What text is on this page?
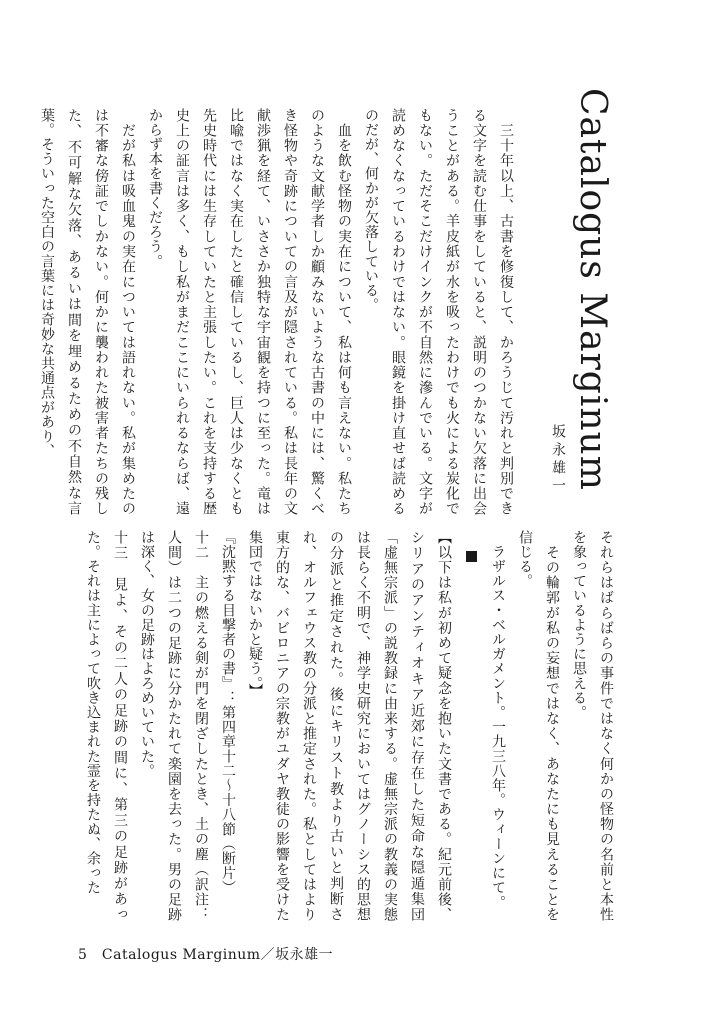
Catalogus Marginum
坂永雄一

　三十年以上、古書を修復して、かろうじて汚れと判別できる文字を読む仕事をしていると、説明のつかない欠落に出会うことがある。羊皮紙が水を吸ったわけでも火による炭化でもない。ただそこだけインクが不自然に滲んでいる。文字が読めなくなっているわけではない。眼鏡を掛け直せば読めるのだが、何かが欠落している。

　血を飲む怪物の実在について、私は何も言えない。私たちのような文献学者しか顧みないような古書の中には、驚くべき怪物や奇跡についての言及が隠されている。私は長年の文献渉猟を経て、いささか独特な宇宙観を持つに至った。竜は比喩ではなく実在したと確信しているし、巨人は少なくとも先史時代には生存していたと主張したい。これを支持する歴史上の証言は多く、もし私がまだここにいられるならば、遠からず本を書くだろう。

　だが私は吸血鬼の実在については語れない。私が集めたのは不審な傍証でしかない。何かに襲われた被害者たちの残した、不可解な欠落、あるいは間を埋めるための不自然な言葉。そういった空白の言葉には奇妙な共通点があり、

それらはばらばらの事件ではなく何かの怪物の名前と本性を象っているように思える。

　その輪郭が私の妄想ではなく、あなたにも見えることを信じる。

　ラザルス・ベルガメント。一九三八年。ウィーンにて。

【以下は私が初めて疑念を抱いた文書である。紀元前後、シリアのアンティオキア近郊に存在した短命な隠遁集団「虚無宗派」の説教録に由来する。虚無宗派の教義の実態は長らく不明で、神学史研究においてはグノーシス的思想の分派と推定された。後にキリスト教より古いと判断され、オルフェウス教の分派と推定された。私としてはより東方的な、バビロニアの宗教がユダヤ教徒の影響を受けた集団ではないかと疑う。】

『沈黙する目撃者の書』：第四章十二〜十八節（断片）

十二　主の燃える剣が門を閉ざしたとき、土の塵（訳注：人間）は二つの足跡に分かたれて楽園を去った。男の足跡は深く、女の足跡はよろめいていた。

十三　見よ、その二人の足跡の間に、第三の足跡があった。それは主によって吹き込まれた霊を持たぬ、余った

5　Catalogus Marginum／坂永雄一
